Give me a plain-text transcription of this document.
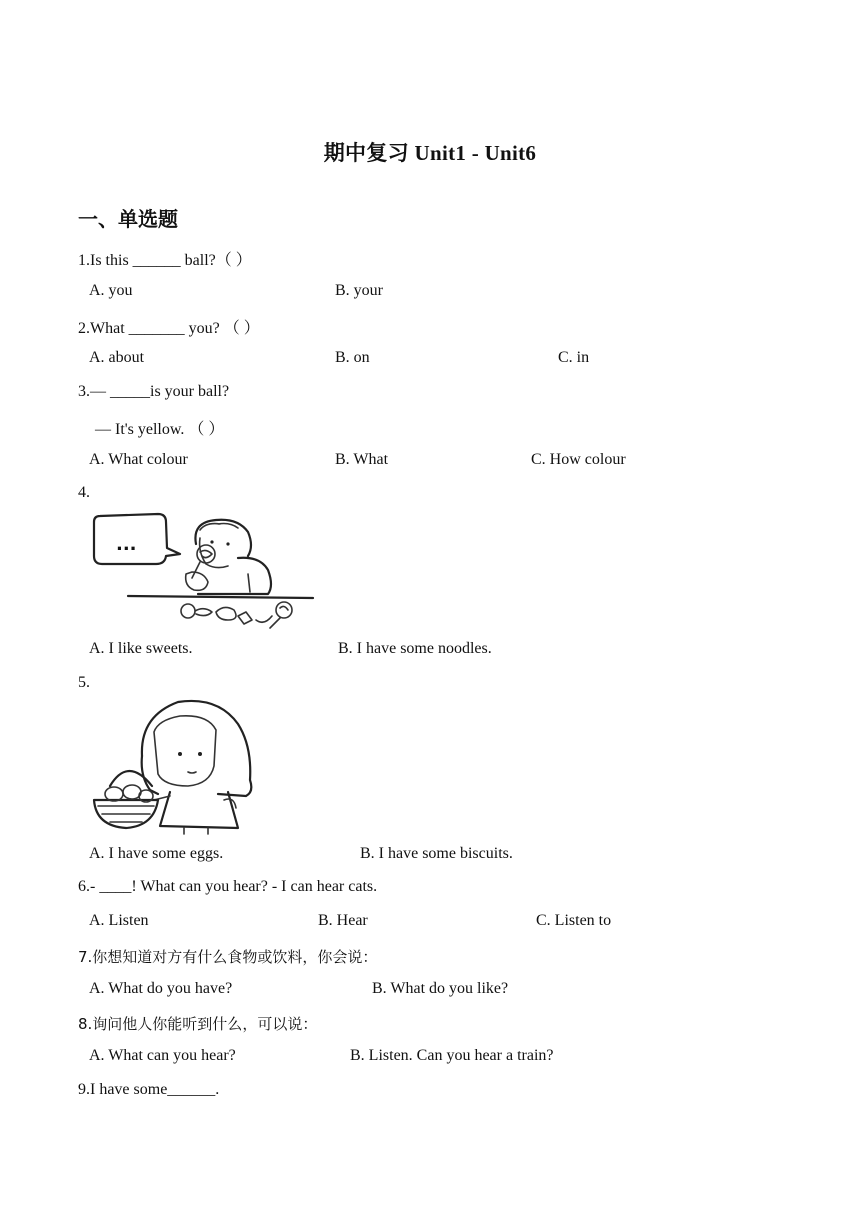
期中复习 Unit1 - Unit6
一、单选题
1.Is this ______ ball?（ ）
A. you	B. your
2.What _______ you? （ ）
A. about	B. on	C. in
3.— _____is your ball?
— It's yellow. （ ）
A. What colour	B. What	C. How colour
4.
...
A. I like sweets.	B. I have some noodles.
5.
A. I have some eggs.	B. I have some biscuits.
6.- ____! What can you hear? - I can hear cats.
A. Listen	B. Hear	C. Listen to
7.你想知道对方有什么食物或饮料，你会说：
A. What do you have?	B. What do you like?
8.询问他人你能听到什么，可以说：
A. What can you hear?	B. Listen. Can you hear a train?
9.I have some______.
